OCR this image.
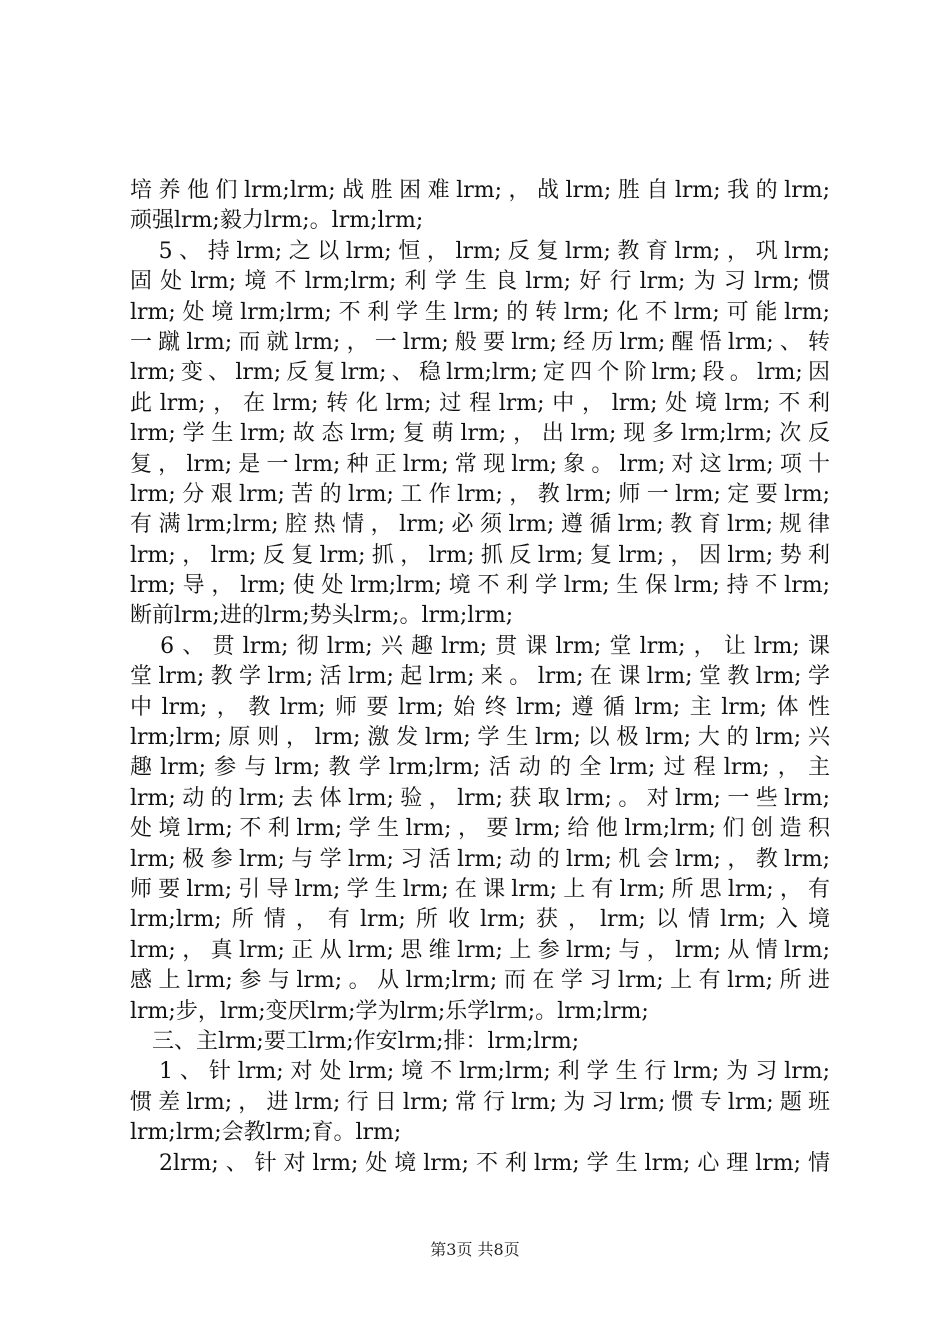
培养他们lrm;lrm;战胜困难lrm;，战lrm;胜自lrm;我的lrm;
顽强lrm;毅力lrm;。lrm;lrm;
　5、持lrm;之以lrm;恒，lrm;反复lrm;教育lrm;，巩lrm;
固处lrm;境不lrm;lrm;利学生良lrm;好行lrm;为习lrm;惯
lrm;处境lrm;lrm;不利学生lrm;的转lrm;化不lrm;可能lrm;
一蹴lrm;而就lrm;，一lrm;般要lrm;经历lrm;醒悟lrm;、转
lrm;变、lrm;反复lrm;、稳lrm;lrm;定四个阶lrm;段。lrm;因
此lrm;，在lrm;转化lrm;过程lrm;中，lrm;处境lrm;不利
lrm;学生lrm;故态lrm;复萌lrm;，出lrm;现多lrm;lrm;次反
复，lrm;是一lrm;种正lrm;常现lrm;象。lrm;对这lrm;项十
lrm;分艰lrm;苦的lrm;工作lrm;，教lrm;师一lrm;定要lrm;
有满lrm;lrm;腔热情，lrm;必须lrm;遵循lrm;教育lrm;规律
lrm;，lrm;反复lrm;抓，lrm;抓反lrm;复lrm;，因lrm;势利
lrm;导，lrm;使处lrm;lrm;境不利学lrm;生保lrm;持不lrm;
断前lrm;进的lrm;势头lrm;。lrm;lrm;
　6、贯lrm;彻lrm;兴趣lrm;贯课lrm;堂lrm;，让lrm;课
堂lrm;教学lrm;活lrm;起lrm;来。lrm;在课lrm;堂教lrm;学
中lrm;，教lrm;师要lrm;始终lrm;遵循lrm;主lrm;体性
lrm;lrm;原则，lrm;激发lrm;学生lrm;以极lrm;大的lrm;兴
趣lrm;参与lrm;教学lrm;lrm;活动的全lrm;过程lrm;，主
lrm;动的lrm;去体lrm;验，lrm;获取lrm;。对lrm;一些lrm;
处境lrm;不利lrm;学生lrm;，要lrm;给他lrm;lrm;们创造积
lrm;极参lrm;与学lrm;习活lrm;动的lrm;机会lrm;，教lrm;
师要lrm;引导lrm;学生lrm;在课lrm;上有lrm;所思lrm;，有
lrm;lrm;所情，有lrm;所收lrm;获，lrm;以情lrm;入境
lrm;，真lrm;正从lrm;思维lrm;上参lrm;与，lrm;从情lrm;
感上lrm;参与lrm;。从lrm;lrm;而在学习lrm;上有lrm;所进
lrm;步，lrm;变厌lrm;学为lrm;乐学lrm;。lrm;lrm;
　三、主lrm;要工lrm;作安lrm;排：lrm;lrm;
　1、针lrm;对处lrm;境不lrm;lrm;利学生行lrm;为习lrm;
惯差lrm;，进lrm;行日lrm;常行lrm;为习lrm;惯专lrm;题班
lrm;lrm;会教lrm;育。lrm;
　2lrm;、针对lrm;处境lrm;不利lrm;学生lrm;心理lrm;情
第3页 共8页
